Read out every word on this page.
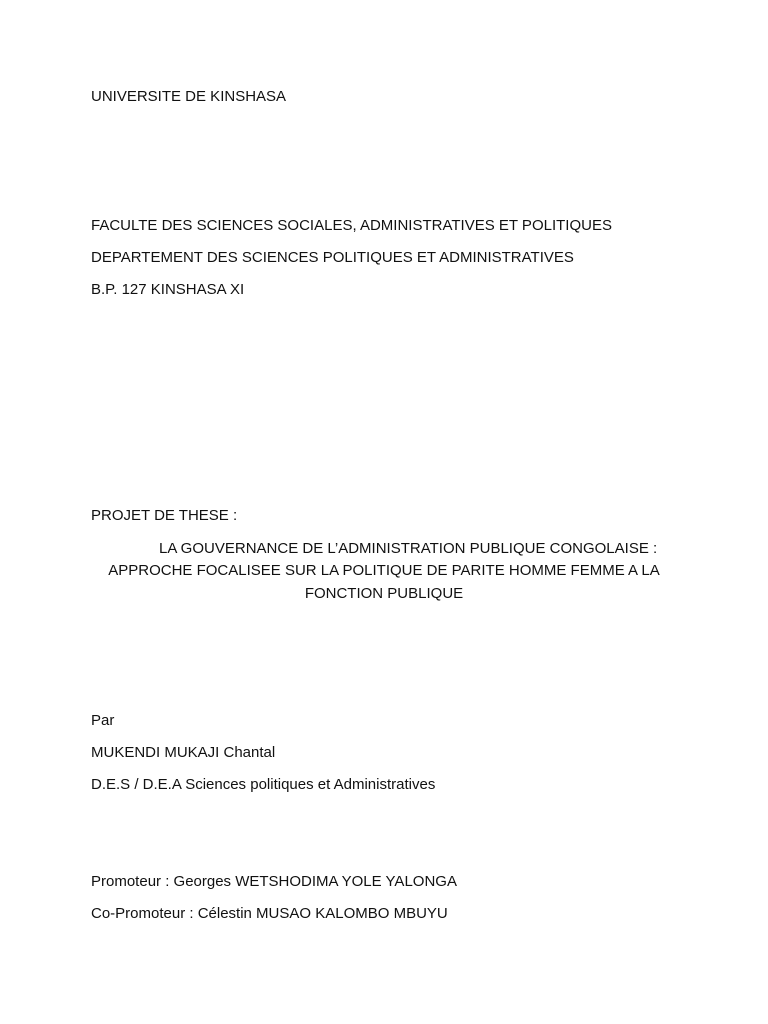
UNIVERSITE DE KINSHASA
FACULTE DES SCIENCES SOCIALES, ADMINISTRATIVES ET POLITIQUES
DEPARTEMENT DES SCIENCES POLITIQUES ET ADMINISTRATIVES
B.P. 127 KINSHASA XI
PROJET DE THESE :
LA GOUVERNANCE DE L’ADMINISTRATION PUBLIQUE CONGOLAISE :
APPROCHE FOCALISEE SUR LA POLITIQUE DE PARITE HOMME FEMME A LA
FONCTION PUBLIQUE
Par
MUKENDI MUKAJI Chantal
D.E.S / D.E.A Sciences politiques et Administratives
Promoteur : Georges WETSHODIMA YOLE YALONGA
Co-Promoteur : Célestin MUSAO KALOMBO MBUYU
